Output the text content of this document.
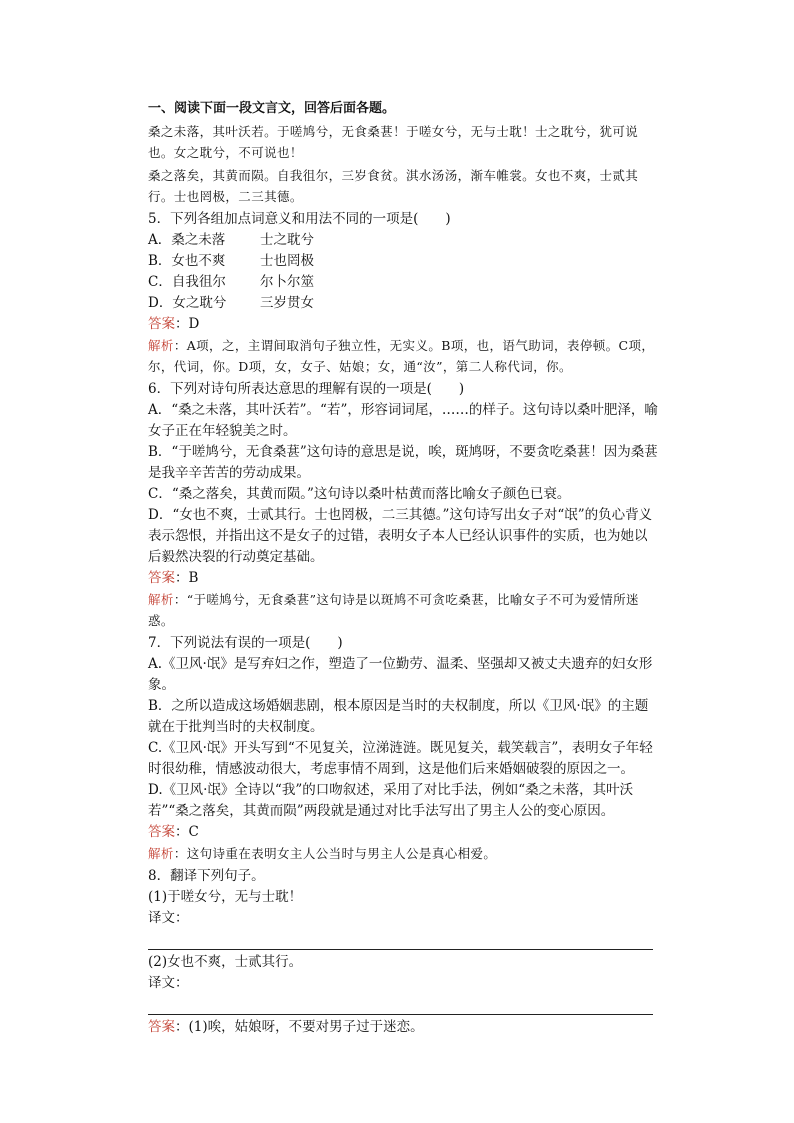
一、阅读下面一段文言文，回答后面各题。

桑之未落，其叶沃若。于嗟鸠兮，无食桑葚！于嗟女兮，无与士耽！士之耽兮，犹可说也。女之耽兮，不可说也！

桑之落矣，其黄而陨。自我徂尔，三岁食贫。淇水汤汤，渐车帷裳。女也不爽，士贰其行。士也罔极，二三其德。

5．下列各组加点词意义和用法不同的一项是(　　)

A．桑之未落	士之耽兮
B．女也不爽	士也罔极
C．自我徂尔	尔卜尔筮
D．女之耽兮	三岁贯女

答案：D

解析：A项，之，主谓间取消句子独立性，无实义。B项，也，语气助词，表停顿。C项，尔，代词，你。D项，女，女子、姑娘；女，通“汝”，第二人称代词，你。

6．下列对诗句所表达意思的理解有误的一项是(　　)

A．“桑之未落，其叶沃若”。“若”，形容词词尾，……的样子。这句诗以桑叶肥泽，喻女子正在年轻貌美之时。

B．“于嗟鸠兮，无食桑葚”这句诗的意思是说，唉，斑鸠呀，不要贪吃桑葚！因为桑葚是我辛辛苦苦的劳动成果。

C．“桑之落矣，其黄而陨。”这句诗以桑叶枯黄而落比喻女子颜色已衰。

D．“女也不爽，士贰其行。士也罔极，二三其德。”这句诗写出女子对“氓”的负心背义表示怨恨，并指出这不是女子的过错，表明女子本人已经认识事件的实质，也为她以后毅然决裂的行动奠定基础。

答案：B

解析：“于嗟鸠兮，无食桑葚”这句诗是以斑鸠不可贪吃桑葚，比喻女子不可为爱情所迷惑。

7．下列说法有误的一项是(　　)

A.《卫风·氓》是写弃妇之作，塑造了一位勤劳、温柔、坚强却又被丈夫遗弃的妇女形象。

B．之所以造成这场婚姻悲剧，根本原因是当时的夫权制度，所以《卫风·氓》的主题就在于批判当时的夫权制度。

C.《卫风·氓》开头写到“不见复关，泣涕涟涟。既见复关，载笑载言”，表明女子年轻时很幼稚，情感波动很大，考虑事情不周到，这是他们后来婚姻破裂的原因之一。

D.《卫风·氓》全诗以“我”的口吻叙述，采用了对比手法，例如“桑之未落，其叶沃若”“桑之落矣，其黄而陨”两段就是通过对比手法写出了男主人公的变心原因。

答案：C

解析：这句诗重在表明女主人公当时与男主人公是真心相爱。

8．翻译下列句子。

(1)于嗟女兮，无与士耽！

译文：

(2)女也不爽，士贰其行。

译文：

答案：(1)唉，姑娘呀，不要对男子过于迷恋。
